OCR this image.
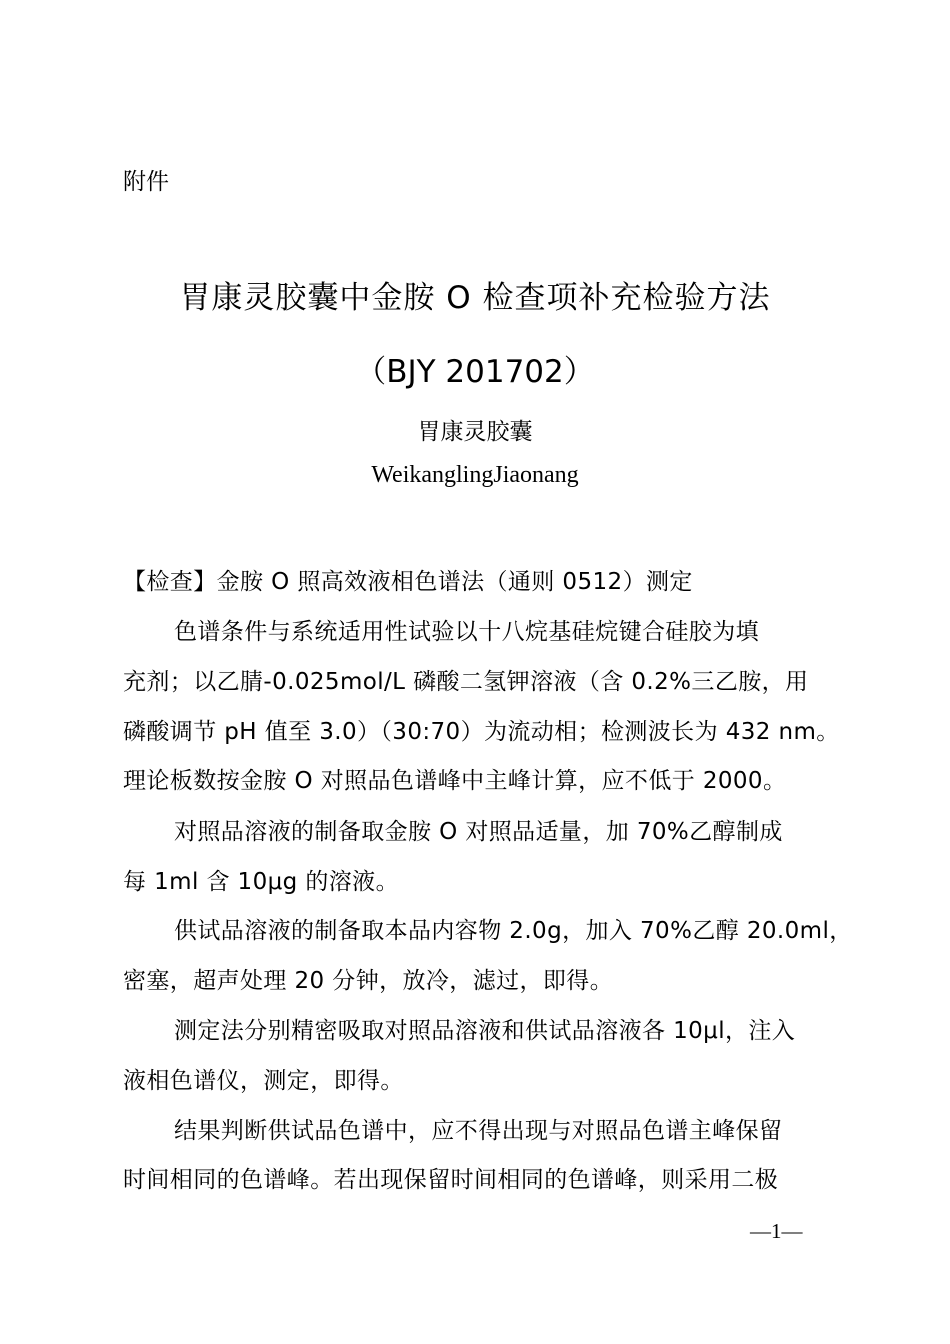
附件
胃康灵胶囊中金胺 O 检查项补充检验方法
（BJY 201702）
胃康灵胶囊
WeikanglingJiaonang
【检查】金胺 O 照高效液相色谱法（通则 0512）测定
色谱条件与系统适用性试验以十八烷基硅烷键合硅胶为填
充剂；以乙腈-0.025mol/L 磷酸二氢钾溶液（含 0.2%三乙胺，用
磷酸调节 pH 值至 3.0）（30:70）为流动相；检测波长为 432 nm。
理论板数按金胺 O 对照品色谱峰中主峰计算，应不低于 2000。
对照品溶液的制备取金胺 O 对照品适量，加 70%乙醇制成
每 1ml 含 10μg 的溶液。
供试品溶液的制备取本品内容物 2.0g，加入 70%乙醇 20.0ml，
密塞，超声处理 20 分钟，放冷，滤过，即得。
测定法分别精密吸取对照品溶液和供试品溶液各 10μl，注入
液相色谱仪，测定，即得。
结果判断供试品色谱中，应不得出现与对照品色谱主峰保留
时间相同的色谱峰。若出现保留时间相同的色谱峰，则采用二极
—1—
